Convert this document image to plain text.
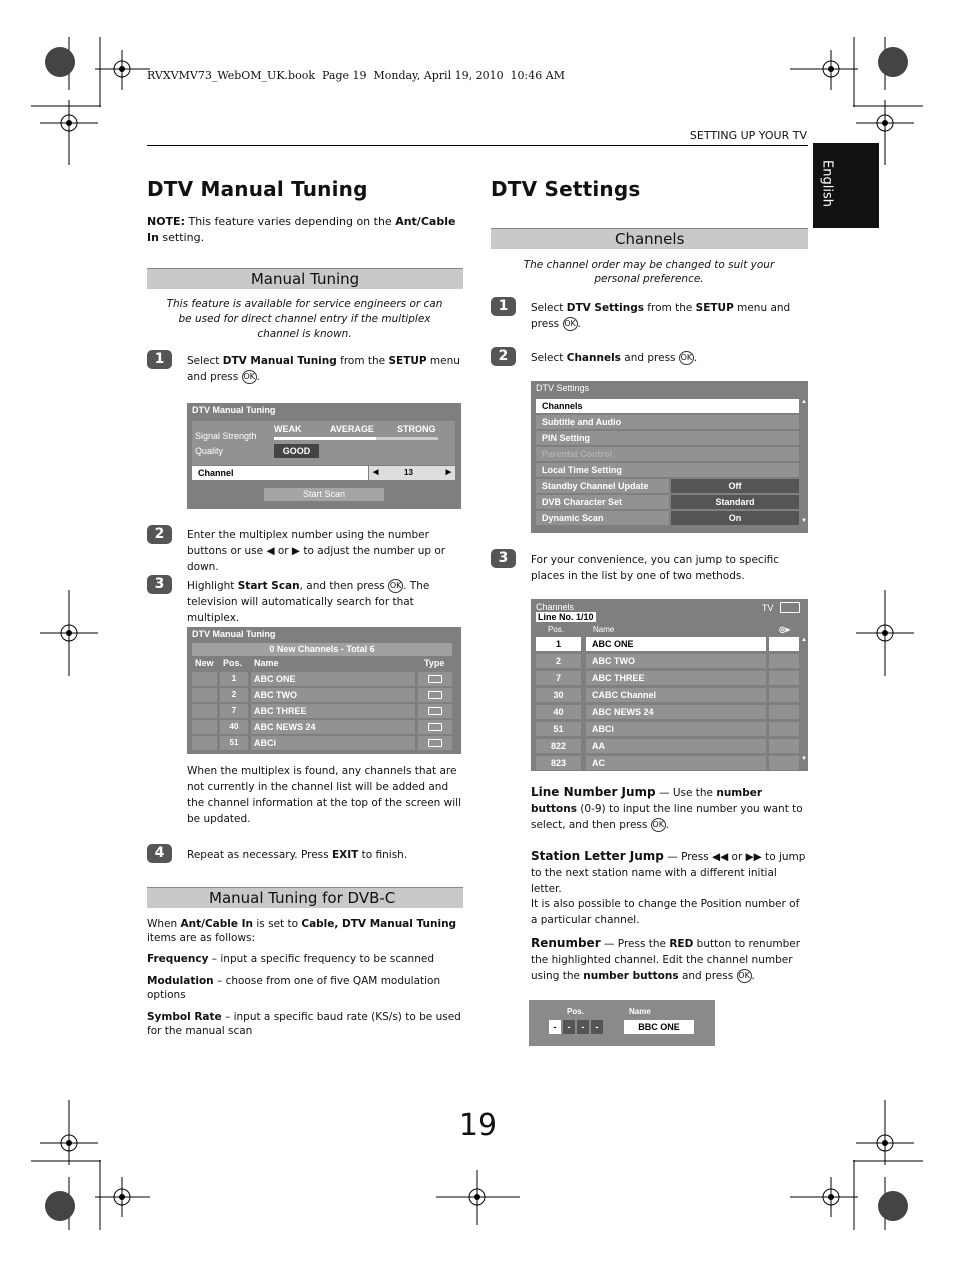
RVXVMV73_WebOM_UK.book  Page 19  Monday, April 19, 2010  10:46 AM
SETTING UP YOUR TV
English
DTV Manual Tuning
NOTE: This feature varies depending on the Ant/Cable In setting.
Manual Tuning
This feature is available for service engineers or can be used for direct channel entry if the multiplex channel is known.
1	Select DTV Manual Tuning from the SETUP menu and press OK .
DTV Manual Tuning
WEAK	AVERAGE	STRONG
Signal Strength
Quality	GOOD
Channel	◀	13	▶
Start Scan
2	Enter the multiplex number using the number buttons or use ◀ or ▶ to adjust the number up or down.
3	Highlight Start Scan, and then press OK . The television will automatically search for that multiplex.
DTV Manual Tuning
0 New Channels - Total 6
New Pos. Name	Type
1	ABC ONE
2	ABC TWO
7	ABC THREE
40	ABC NEWS 24
51	ABCi
When the multiplex is found, any channels that are not currently in the channel list will be added and the channel information at the top of the screen will be updated.
4	Repeat as necessary. Press EXIT to finish.
Manual Tuning for DVB-C
When Ant/Cable In is set to Cable, DTV Manual Tuning items are as follows:
Frequency – input a specific frequency to be scanned
Modulation – choose from one of five QAM modulation options
Symbol Rate – input a specific baud rate (KS/s) to be used for the manual scan
DTV Settings
Channels
The channel order may be changed to suit your personal preference.
1	Select DTV Settings from the SETUP menu and press OK .
2	Select Channels and press OK .
DTV Settings
Channels
Subtitle and Audio
PIN Setting
Parental Control
Local Time Setting
Standby Channel Update	Off
DVB Character Set	Standard
Dynamic Scan	On
▲
▼
3	For your convenience, you can jump to specific places in the list by one of two methods.
Channels	TV
Line No. 1/10
Pos.	Name	◎▸
1	ABC ONE
2	ABC TWO
7	ABC THREE
30	CABC Channel
40	ABC NEWS 24
51	ABCi
822	AA
823	AC
▲
▼
Line Number Jump — Use the number buttons (0-9) to input the line number you want to select, and then press OK .
Station Letter Jump — Press ◀◀ or ▶▶ to jump to the next station name with a different initial letter.
It is also possible to change the Position number of a particular channel.
Renumber — Press the RED button to renumber the highlighted channel. Edit the channel number using the number buttons and press OK .
Pos.	Name
-	-	-	-	BBC ONE
19
